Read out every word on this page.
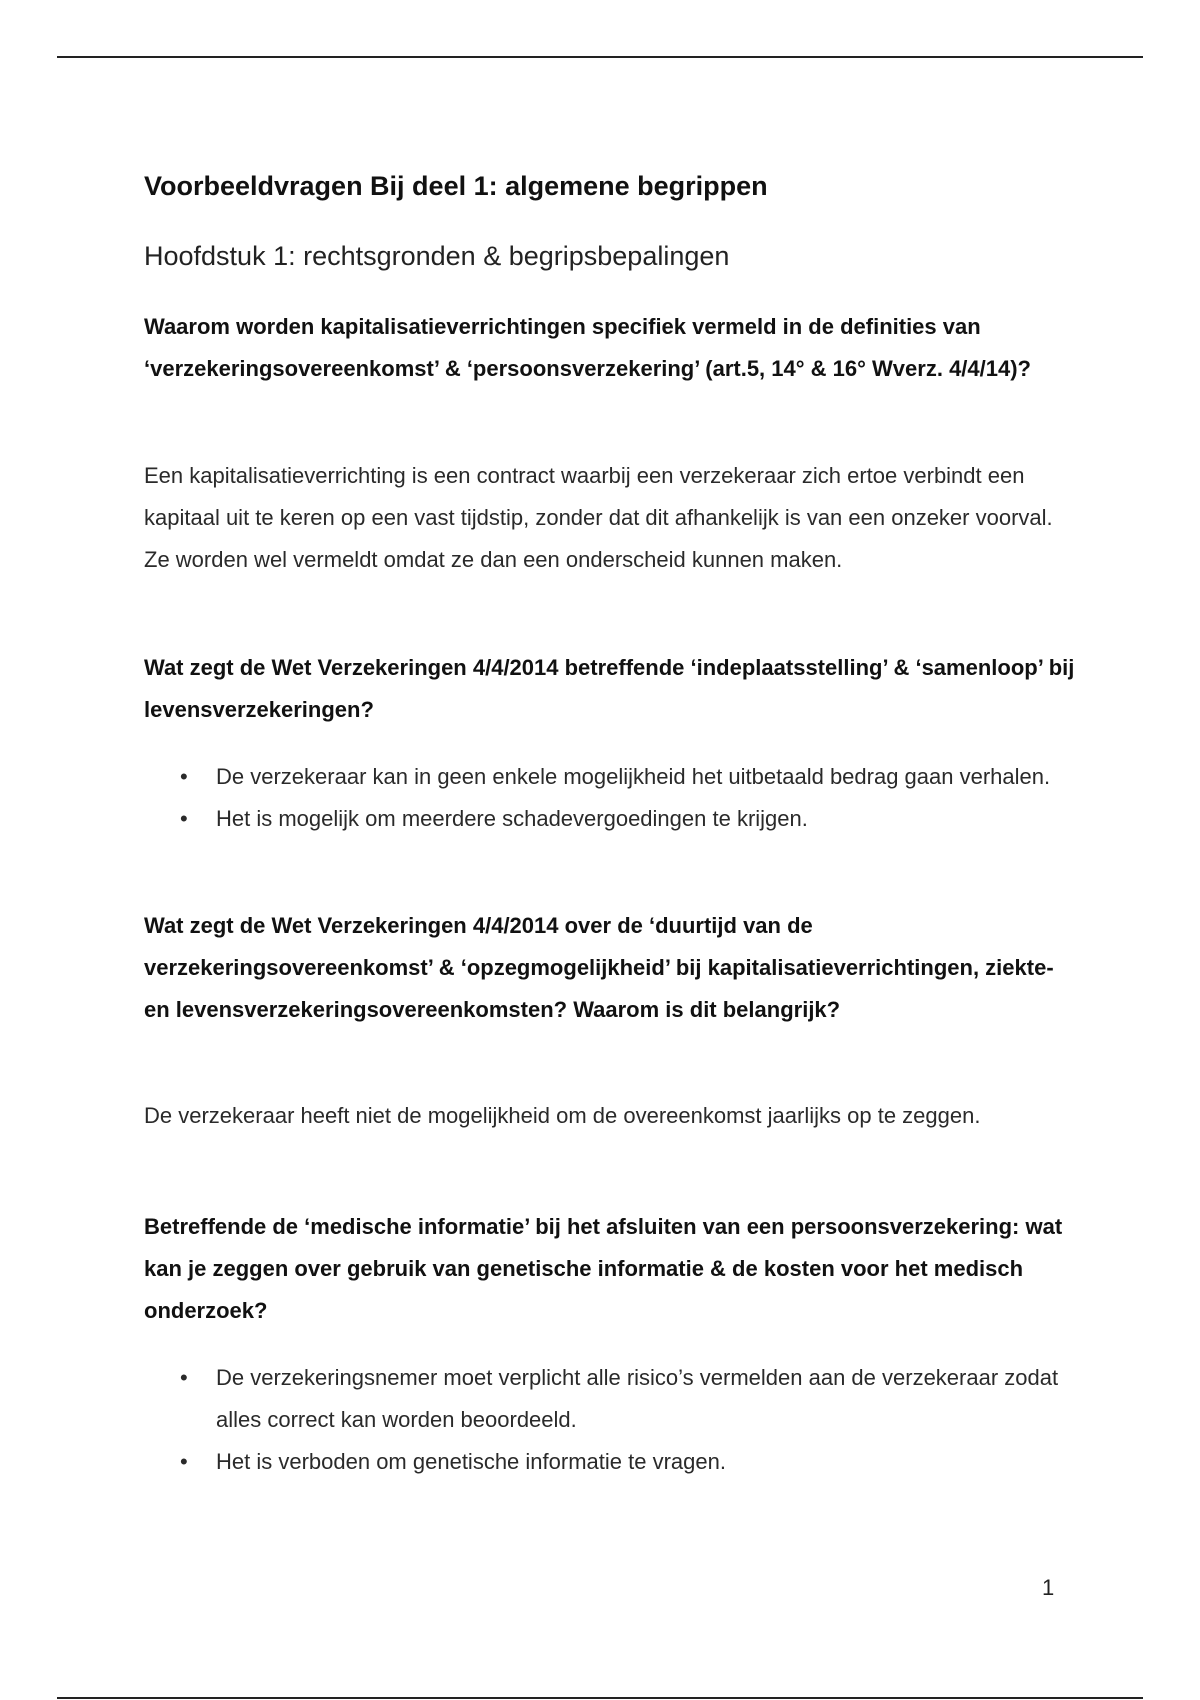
Voorbeeldvragen Bij deel 1: algemene begrippen
Hoofdstuk 1: rechtsgronden & begripsbepalingen

Waarom worden kapitalisatieverrichtingen specifiek vermeld in de definities van ‘verzekeringsovereenkomst’ & ‘persoonsverzekering’ (art.5, 14° & 16° Wverz. 4/4/14)?

Een kapitalisatieverrichting is een contract waarbij een verzekeraar zich ertoe verbindt een kapitaal uit te keren op een vast tijdstip, zonder dat dit afhankelijk is van een onzeker voorval. Ze worden wel vermeldt omdat ze dan een onderscheid kunnen maken.

Wat zegt de Wet Verzekeringen 4/4/2014 betreffende ‘indeplaatsstelling’ & ‘samenloop’ bij levensverzekeringen?

• De verzekeraar kan in geen enkele mogelijkheid het uitbetaald bedrag gaan verhalen.
• Het is mogelijk om meerdere schadevergoedingen te krijgen.

Wat zegt de Wet Verzekeringen 4/4/2014 over de ‘duurtijd van de verzekeringsovereenkomst’ & ‘opzegmogelijkheid’ bij kapitalisatieverrichtingen, ziekte- en levensverzekeringsovereenkomsten? Waarom is dit belangrijk?

De verzekeraar heeft niet de mogelijkheid om de overeenkomst jaarlijks op te zeggen.

Betreffende de ‘medische informatie’ bij het afsluiten van een persoonsverzekering: wat kan je zeggen over gebruik van genetische informatie & de kosten voor het medisch onderzoek?

• De verzekeringsnemer moet verplicht alle risico’s vermelden aan de verzekeraar zodat alles correct kan worden beoordeeld.
• Het is verboden om genetische informatie te vragen.
1
